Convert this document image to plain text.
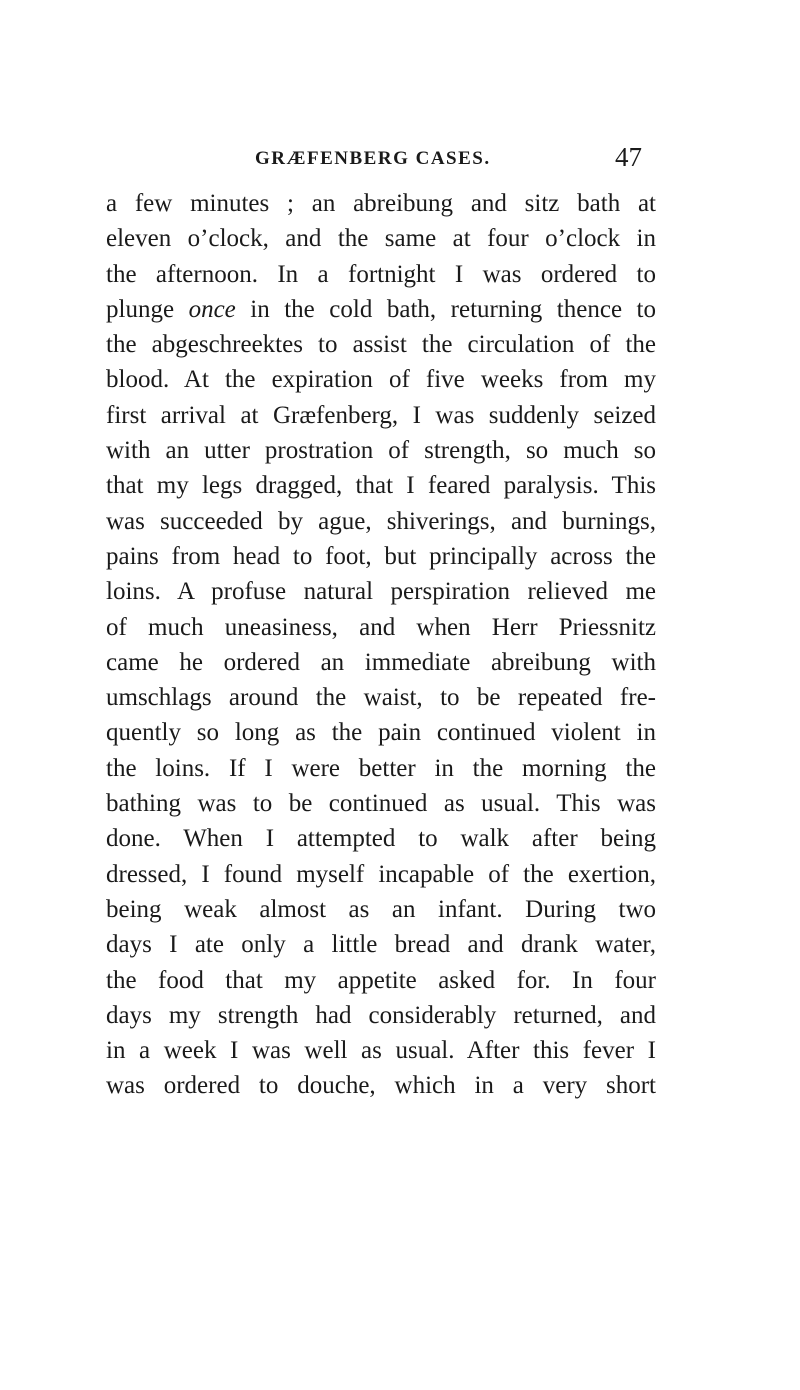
GRÆFENBERG CASES.	47
a few minutes ; an abreibung and sitz bath at
eleven o’clock, and the same at four o’clock in
the afternoon. In a fortnight I was ordered to
plunge once in the cold bath, returning thence to
the abgeschreektes to assist the circulation of the
blood. At the expiration of five weeks from my
first arrival at Græfenberg, I was suddenly seized
with an utter prostration of strength, so much so
that my legs dragged, that I feared paralysis. This
was succeeded by ague, shiverings, and burnings,
pains from head to foot, but principally across the
loins. A profuse natural perspiration relieved me
of much uneasiness, and when Herr Priessnitz
came he ordered an immediate abreibung with
umschlags around the waist, to be repeated fre-
quently so long as the pain continued violent in
the loins. If I were better in the morning the
bathing was to be continued as usual. This was
done. When I attempted to walk after being
dressed, I found myself incapable of the exertion,
being weak almost as an infant. During two
days I ate only a little bread and drank water,
the food that my appetite asked for. In four
days my strength had considerably returned, and
in a week I was well as usual. After this fever I
was ordered to douche, which in a very short
